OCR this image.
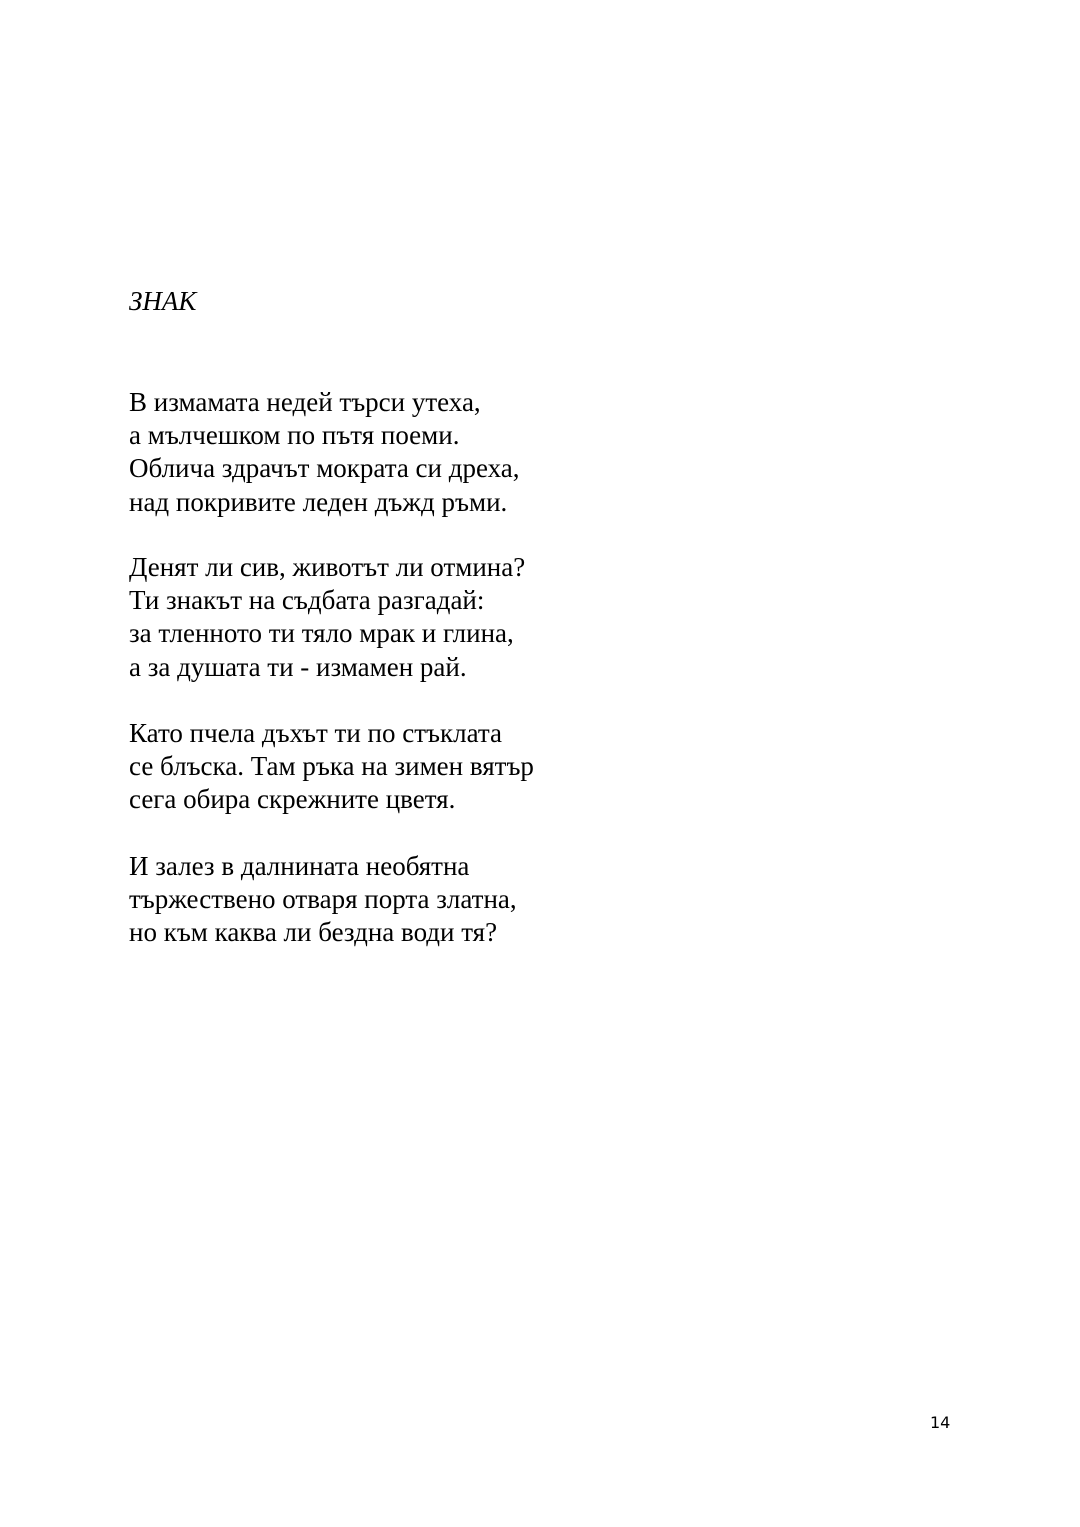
ЗНАК

В измамата недей търси утеха,
а мълчешком по пътя поеми.
Облича здрачът мократа си дреха,
над покривите леден дъжд ръми.

Денят ли сив, животът ли отмина?
Ти знакът на съдбата разгадай:
за тленното ти тяло мрак и глина,
а за душата ти - измамен рай.

Като пчела дъхът ти по стъклата
се блъска. Там ръка на зимен вятър
сега обира скрежните цветя.

И залез в далнината необятна
тържествено отваря порта златна,
но към каква ли бездна води тя?

14
